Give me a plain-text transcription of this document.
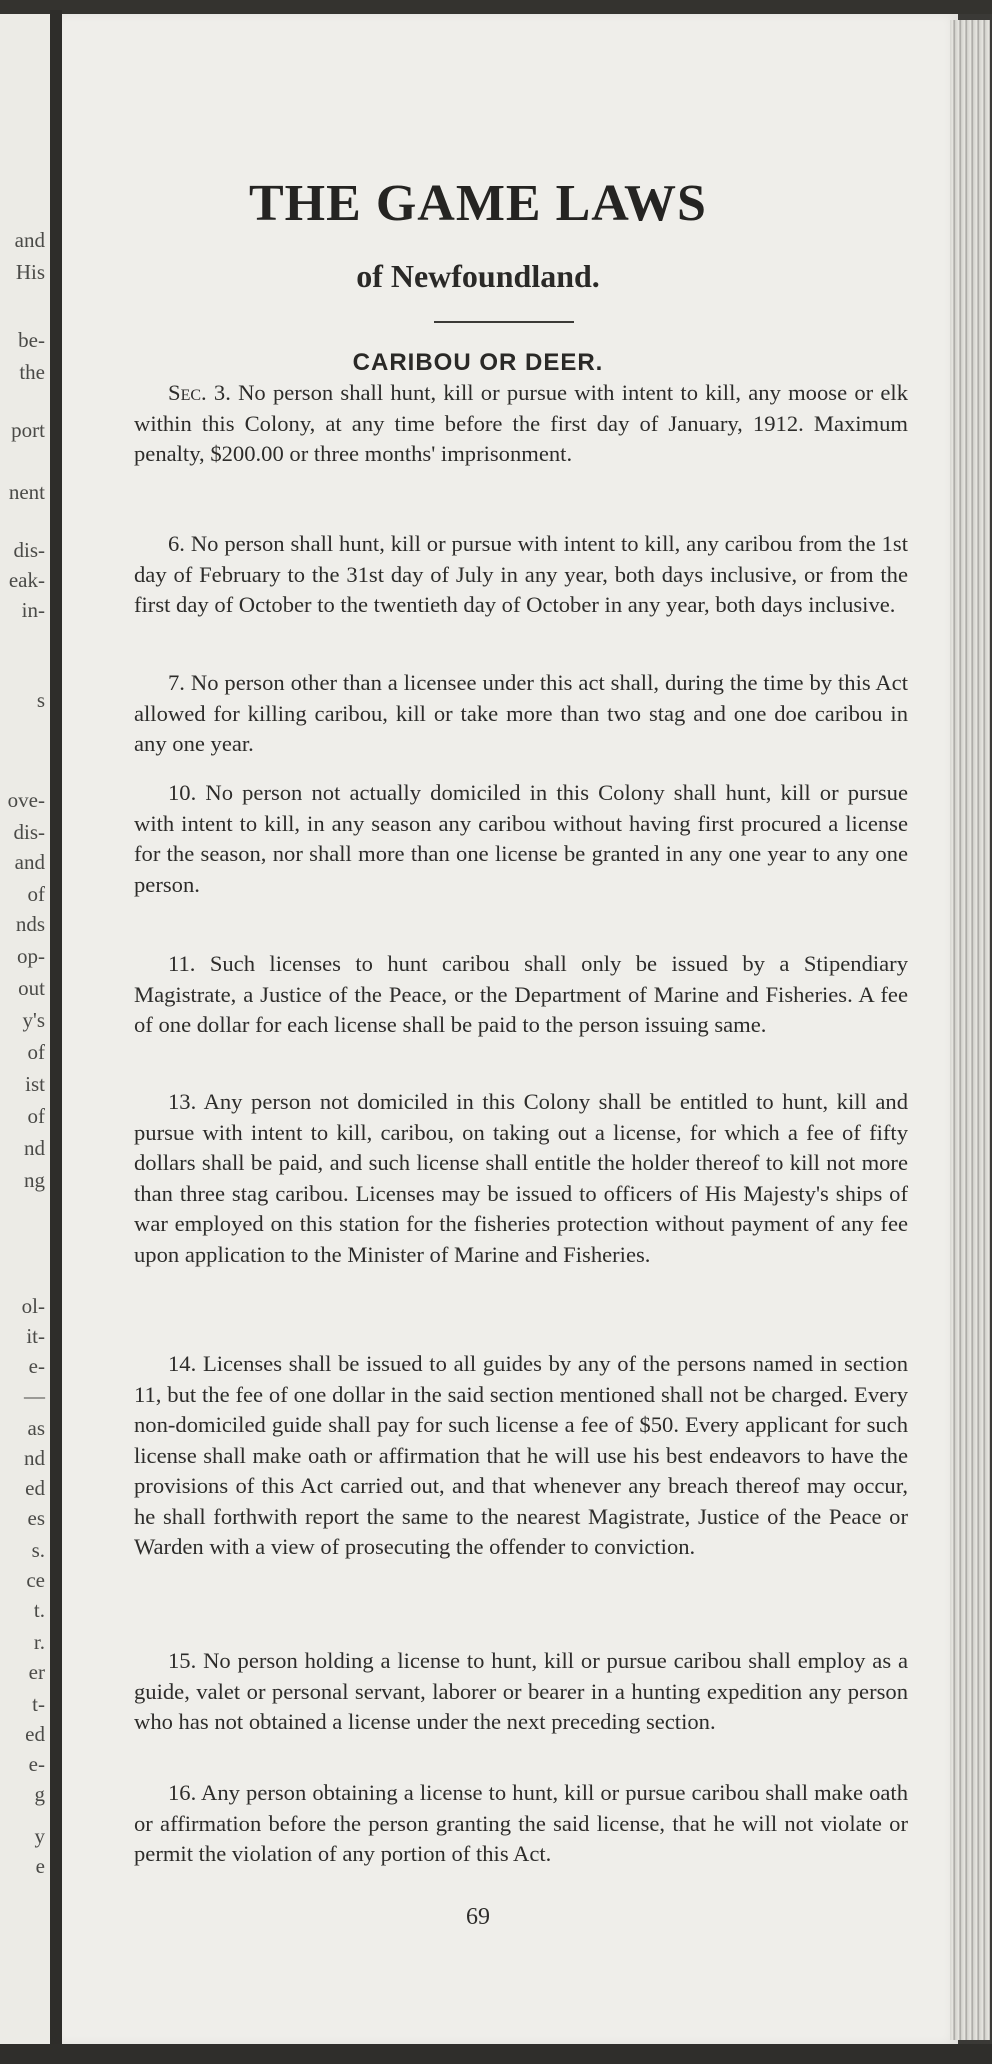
and
His
be-
the
port
nent
dis-
eak-
in-
s
ove-
dis-
and
of
nds
op-
out
y's
of
ist
of
nd
ng
ol-
it-
e-
—
as
nd
ed
es
s.
ce
t.
r.
er
t-
ed
e-
g
y
e
THE GAME LAWS
of Newfoundland.
CARIBOU OR DEER.

Sec. 3. No person shall hunt, kill or pursue with intent to kill, any moose or elk within this Colony, at any time before the first day of January, 1912. Maximum penalty, $200.00 or three months' imprisonment.

6. No person shall hunt, kill or pursue with intent to kill, any caribou from the 1st day of February to the 31st day of July in any year, both days inclusive, or from the first day of October to the twentieth day of October in any year, both days inclusive.

7. No person other than a licensee under this act shall, during the time by this Act allowed for killing caribou, kill or take more than two stag and one doe caribou in any one year.

10. No person not actually domiciled in this Colony shall hunt, kill or pursue with intent to kill, in any season any caribou without having first procured a license for the season, nor shall more than one license be granted in any one year to any one person.

11. Such licenses to hunt caribou shall only be issued by a Stipendiary Magistrate, a Justice of the Peace, or the Department of Marine and Fisheries. A fee of one dollar for each license shall be paid to the person issuing same.

13. Any person not domiciled in this Colony shall be entitled to hunt, kill and pursue with intent to kill, caribou, on taking out a license, for which a fee of fifty dollars shall be paid, and such license shall entitle the holder thereof to kill not more than three stag caribou. Licenses may be issued to officers of His Majesty's ships of war employed on this station for the fisheries protection without payment of any fee upon application to the Minister of Marine and Fisheries.

14. Licenses shall be issued to all guides by any of the persons named in section 11, but the fee of one dollar in the said section mentioned shall not be charged. Every non-domiciled guide shall pay for such license a fee of $50. Every applicant for such license shall make oath or affirmation that he will use his best endeavors to have the provisions of this Act carried out, and that whenever any breach thereof may occur, he shall forthwith report the same to the nearest Magistrate, Justice of the Peace or Warden with a view of prosecuting the offender to conviction.

15. No person holding a license to hunt, kill or pursue caribou shall employ as a guide, valet or personal servant, laborer or bearer in a hunting expedition any person who has not obtained a license under the next preceding section.

16. Any person obtaining a license to hunt, kill or pursue caribou shall make oath or affirmation before the person granting the said license, that he will not violate or permit the violation of any portion of this Act.

69
